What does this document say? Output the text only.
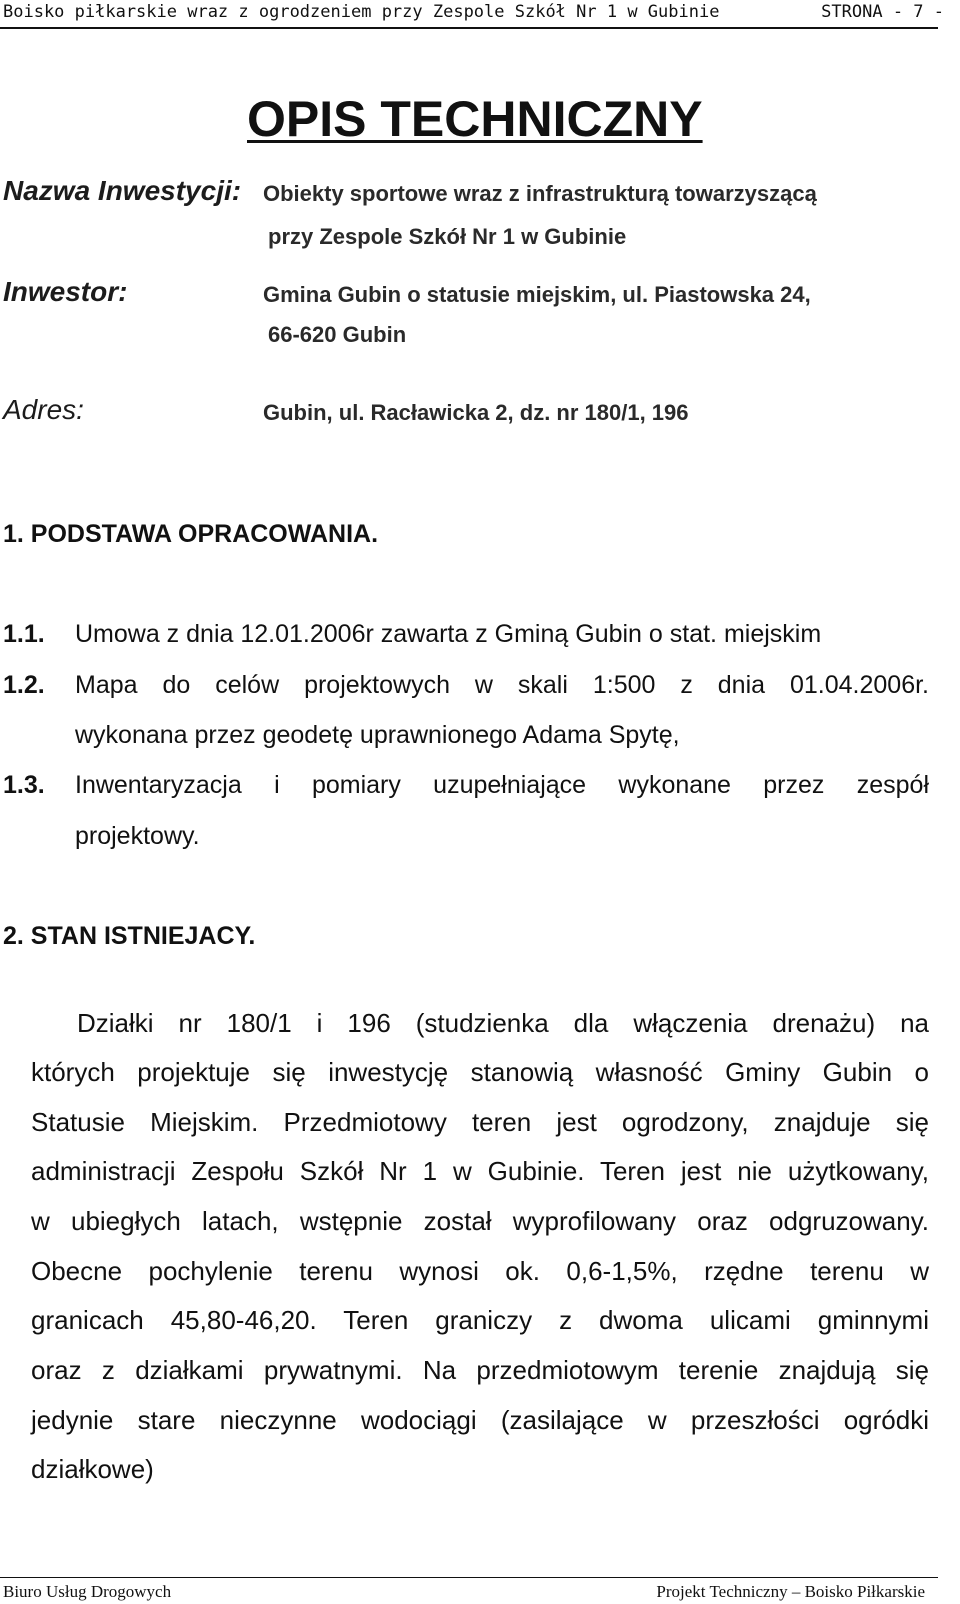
Boisko piłkarskie wraz z ogrodzeniem przy Zespole Szkół Nr 1 w Gubinie	STRONA - 7 -
OPIS TECHNICZNY
Nazwa Inwestycji: Obiekty sportowe wraz z infrastrukturą towarzyszącą
przy Zespole Szkół Nr 1 w Gubinie
Inwestor:	Gmina Gubin o statusie miejskim, ul. Piastowska 24,
66-620 Gubin
Adres:	Gubin, ul. Racławicka 2, dz. nr 180/1, 196
1. PODSTAWA OPRACOWANIA.
1.1. Umowa z dnia 12.01.2006r zawarta z Gminą Gubin o stat. miejskim
1.2. Mapa do celów projektowych w skali 1:500 z dnia 01.04.2006r.
wykonana przez geodetę uprawnionego Adama Spytę,
1.3. Inwentaryzacja i pomiary uzupełniające wykonane przez zespół
projektowy.
2. STAN ISTNIEJACY.
Działki nr 180/1 i 196 (studzienka dla włączenia drenażu) na
których projektuje się inwestycję stanowią własność Gminy Gubin o
Statusie Miejskim. Przedmiotowy teren jest ogrodzony, znajduje się
administracji Zespołu Szkół Nr 1 w Gubinie. Teren jest nie użytkowany,
w ubiegłych latach, wstępnie został wyprofilowany oraz odgruzowany.
Obecne pochylenie terenu wynosi ok. 0,6-1,5%, rzędne terenu w
granicach 45,80-46,20. Teren graniczy z dwoma ulicami gminnymi
oraz z działkami prywatnymi. Na przedmiotowym terenie znajdują się
jedynie stare nieczynne wodociągi (zasilające w przeszłości ogródki
działkowe)
Biuro Usług Drogowych	Projekt Techniczny – Boisko Piłkarskie
